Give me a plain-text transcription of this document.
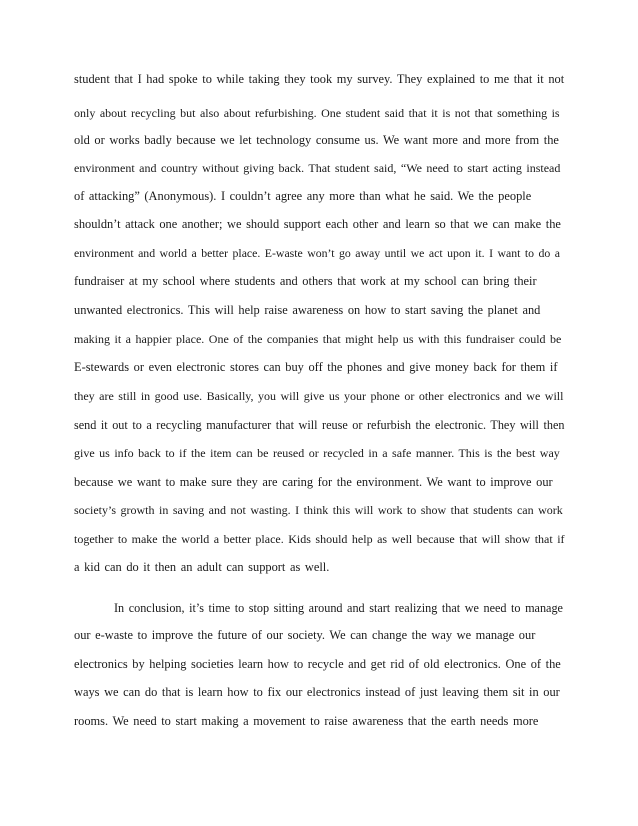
student that I had spoke to while taking they took my survey. They explained to me that it not
only about recycling but also about refurbishing. One student said that it is not that something is
old or works badly because we let technology consume us. We want more and more from the
environment and country without giving back. That student said, “We need to start acting instead
of attacking” (Anonymous). I couldn’t agree any more than what he said. We the people
shouldn’t attack one another; we should support each other and learn so that we can make the
environment and world a better place. E-waste won’t go away until we act upon it. I want to do a
fundraiser at my school where students and others that work at my school can bring their
unwanted electronics. This will help raise awareness on how to start saving the planet and
making it a happier place. One of the companies that might help us with this fundraiser could be
E-stewards or even electronic stores can buy off the phones and give money back for them if
they are still in good use. Basically, you will give us your phone or other electronics and we will
send it out to a recycling manufacturer that will reuse or refurbish the electronic. They will then
give us info back to if the item can be reused or recycled in a safe manner. This is the best way
because we want to make sure they are caring for the environment. We want to improve our
society’s growth in saving and not wasting. I think this will work to show that students can work
together to make the world a better place. Kids should help as well because that will show that if
a kid can do it then an adult can support as well.
In conclusion, it’s time to stop sitting around and start realizing that we need to manage
our e-waste to improve the future of our society. We can change the way we manage our
electronics by helping societies learn how to recycle and get rid of old electronics. One of the
ways we can do that is learn how to fix our electronics instead of just leaving them sit in our
rooms. We need to start making a movement to raise awareness that the earth needs more
